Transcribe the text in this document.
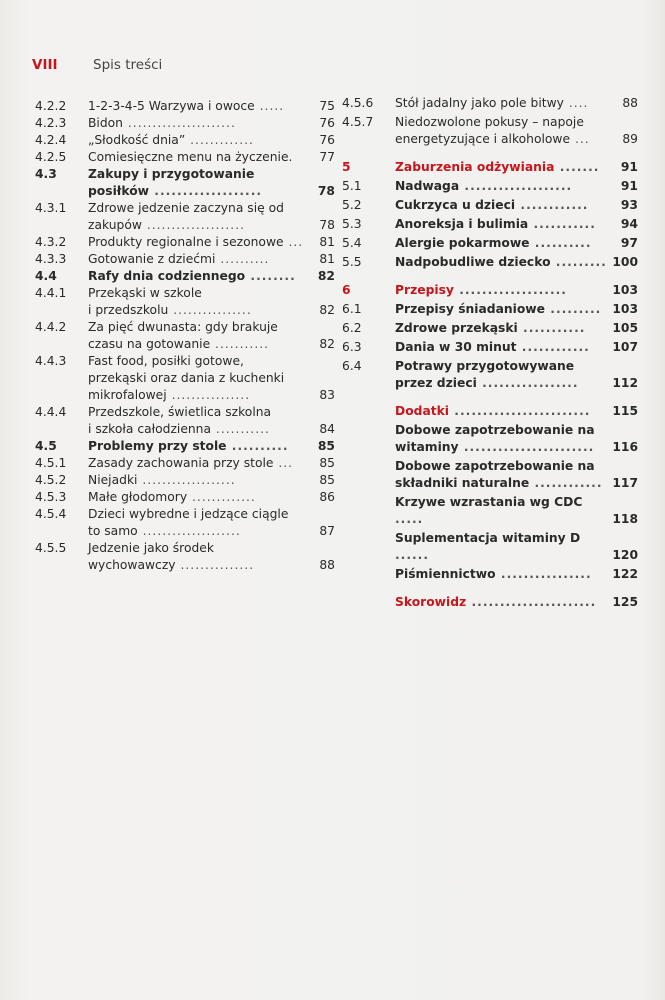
VIII	Spis treści
4.2.2 1-2-3-4-5 Warzywa i owoce .....	75
4.2.3 Bidon ......................	76
4.2.4 „Słodkość dnia” .............	76
4.2.5 Comiesięczne menu na życzenie.	77
4.3	Zakupy i przygotowanie
posiłków ...................	78
4.3.1 Zdrowe jedzenie zaczyna się od
zakupów ....................	78
4.3.2 Produkty regionalne i sezonowe ...	81
4.3.3 Gotowanie z dziećmi ..........	81
4.4	Rafy dnia codziennego ........	82
4.4.1 Przekąski w szkole
i przedszkolu ................	82
4.4.2 Za pięć dwunasta: gdy brakuje
czasu na gotowanie ...........	82
4.4.3 Fast food, posiłki gotowe,
przekąski oraz dania z kuchenki
mikrofalowej ................	83
4.4.4 Przedszkole, świetlica szkolna
i szkoła całodzienna ...........	84
4.5	Problemy przy stole ..........	85
4.5.1 Zasady zachowania przy stole ...	85
4.5.2 Niejadki ...................	85
4.5.3 Małe głodomory .............	86
4.5.4 Dzieci wybredne i jedzące ciągle
to samo ....................	87
4.5.5 Jedzenie jako środek
wychowawczy ...............	88
4.5.6 Stół jadalny jako pole bitwy ....	88
4.5.7 Niedozwolone pokusy – napoje
energetyzujące i alkoholowe ...	89
5	Zaburzenia odżywiania .......	91
5.1	Nadwaga ...................	91
5.2	Cukrzyca u dzieci ............	93
5.3	Anoreksja i bulimia ...........	94
5.4	Alergie pokarmowe ..........	97
5.5	Nadpobudliwe dziecko ......... 100
6	Przepisy ...................	103
6.1	Przepisy śniadaniowe ......... 103
6.2	Zdrowe przekąski ...........	105
6.3	Dania w 30 minut ............	107
6.4	Potrawy przygotowywane
przez dzieci .................	112
Dodatki ........................	115
Dobowe zapotrzebowanie na
witaminy .......................	116
Dobowe zapotrzebowanie na
składniki naturalne ............ 117
Krzywe wzrastania wg CDC .....	118
Suplementacja witaminy D ......	120
Piśmiennictwo ................	122
Skorowidz ......................	125
